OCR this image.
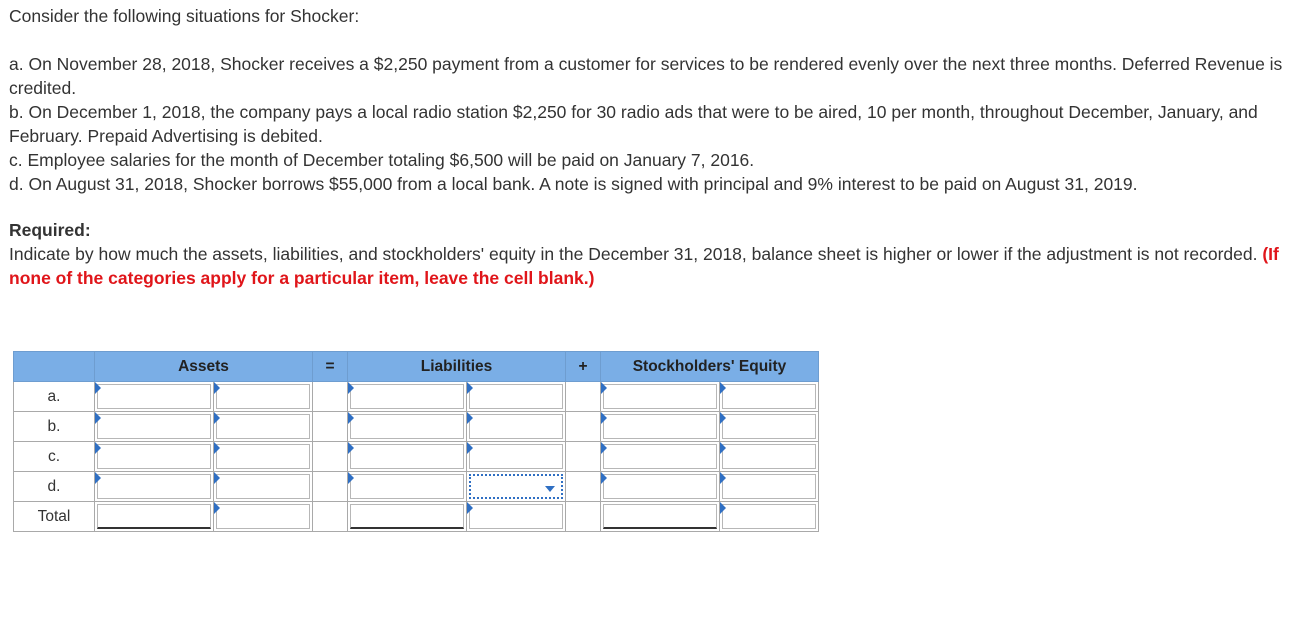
Consider the following situations for Shocker:

a. On November 28, 2018, Shocker receives a $2,250 payment from a customer for services to be rendered evenly over the next three months. Deferred Revenue is credited.

b. On December 1, 2018, the company pays a local radio station $2,250 for 30 radio ads that were to be aired, 10 per month, throughout December, January, and February. Prepaid Advertising is debited.

c. Employee salaries for the month of December totaling $6,500 will be paid on January 7, 2016.

d. On August 31, 2018, Shocker borrows $55,000 from a local bank. A note is signed with principal and 9% interest to be paid on August 31, 2019.

Required:

Indicate by how much the assets, liabilities, and stockholders' equity in the December 31, 2018, balance sheet is higher or lower if the adjustment is not recorded. (If none of the categories apply for a particular item, leave the cell blank.)

	Assets		=	Liabilities		+	Stockholders' Equity	
a.	

b.	

c.	

d.	

Total	
